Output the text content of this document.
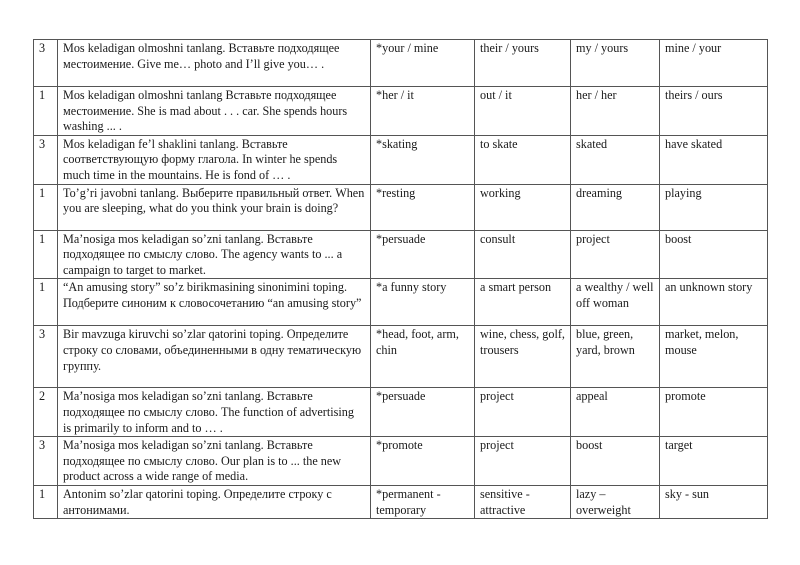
3	Mos keladigan olmoshni tanlang. Вставьте подходящее местоимение. Give me… photo and I’ll give you… .	*your / mine	their / yours	my / yours	mine / your
1	Mos keladigan olmoshni tanlang Вставьте подходящее местоимение. She is mad about . . . car. She spends hours washing ... .	*her / it	out / it	her / her	theirs / ours
3	Mos keladigan fe’l shaklini tanlang. Вставьте соответствующую форму глагола. In winter he spends much time in the mountains. He is fond of … .	*skating	to skate	skated	have skated
1	To’g’ri javobni tanlang. Выберите правильный ответ. When you are sleeping, what do you think your brain is doing?	*resting	working	dreaming	playing
1	Ma’nosiga mos keladigan so’zni tanlang. Вставьте подходящее по смыслу слово. The agency wants to ... a campaign to target to market.	*persuade	consult	project	boost
1	“An amusing story” so’z birikmasining sinonimini toping. Подберите синоним к словосочетанию “an amusing story”	*a funny story	a smart person	a wealthy / well off woman	an unknown story
3	Bir mavzuga kiruvchi so’zlar qatorini toping. Определите строку со словами, объединенными в одну тематическую группу.	*head, foot, arm, chin	wine, chess, golf, trousers	blue, green, yard, brown	market, melon, mouse
2	Ma’nosiga mos keladigan so’zni tanlang. Вставьте подходящее по смыслу слово. The function of advertising is primarily to inform and to … .	*persuade	project	appeal	promote
3	Ma’nosiga mos keladigan so’zni tanlang. Вставьте подходящее по смыслу слово. Our plan is to ... the new product across a wide range of media.	*promote	project	boost	target
1	Antonim so’zlar qatorini toping. Определите строку с антонимами.	*permanent - temporary	sensitive - attractive	lazy – overweight	sky - sun
